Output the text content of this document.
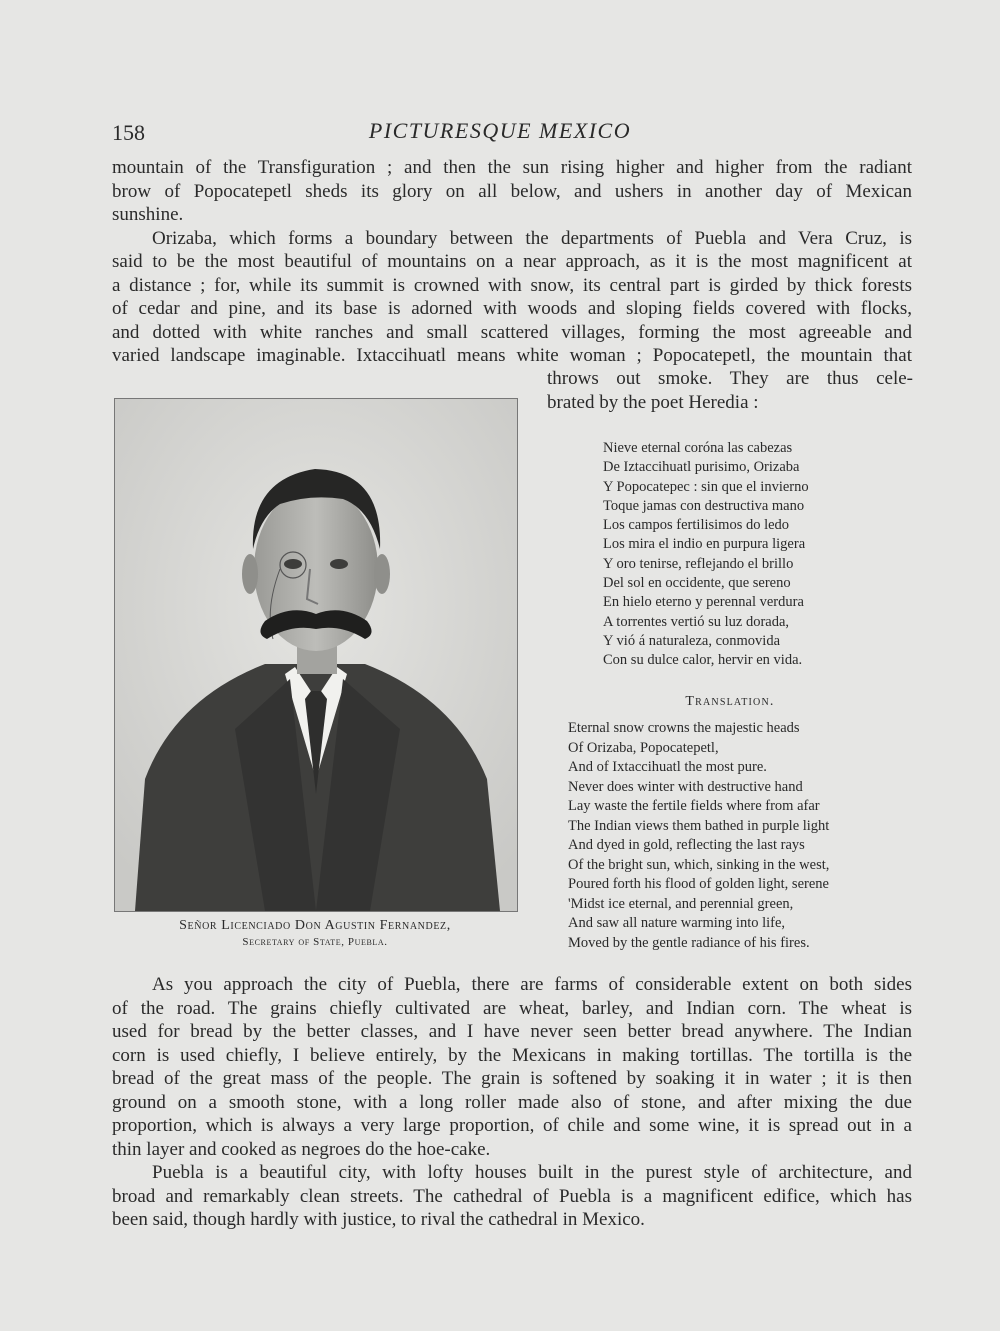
158	PICTURESQUE MEXICO
mountain of the Transfiguration ; and then the sun rising higher and higher from the radiant
brow of Popocatepetl sheds its glory on all below, and ushers in another day of Mexican
sunshine.
Orizaba, which forms a boundary between the departments of Puebla and Vera Cruz, is
said to be the most beautiful of mountains on a near approach, as it is the most magnificent at
a distance ; for, while its summit is crowned with snow, its central part is girded by thick forests
of cedar and pine, and its base is adorned with woods and sloping fields covered with flocks,
and dotted with white ranches and small scattered villages, forming the most agreeable and
varied landscape imaginable. Ixtaccihuatl means white woman ; Popocatepetl, the mountain that
throws out smoke. They are thus cele-
brated by the poet Heredia :
Señor Licenciado Don Agustin Fernandez,
Secretary of State, Puebla.
Nieve eternal coróna las cabezas
De Iztaccihuatl purisimo, Orizaba
Y Popocatepec : sin que el invierno
Toque jamas con destructiva mano
Los campos fertilisimos do ledo
Los mira el indio en purpura ligera
Y oro tenirse, reflejando el brillo
Del sol en occidente, que sereno
En hielo eterno y perennal verdura
A torrentes vertió su luz dorada,
Y vió á naturaleza, conmovida
Con su dulce calor, hervir en vida.
Translation.
Eternal snow crowns the majestic heads
Of Orizaba, Popocatepetl,
And of Ixtaccihuatl the most pure.
Never does winter with destructive hand
Lay waste the fertile fields where from afar
The Indian views them bathed in purple light
And dyed in gold, reflecting the last rays
Of the bright sun, which, sinking in the west,
Poured forth his flood of golden light, serene
'Midst ice eternal, and perennial green,
And saw all nature warming into life,
Moved by the gentle radiance of his fires.
As you approach the city of Puebla, there are farms of considerable extent on both sides
of the road. The grains chiefly cultivated are wheat, barley, and Indian corn. The wheat is
used for bread by the better classes, and I have never seen better bread anywhere. The Indian
corn is used chiefly, I believe entirely, by the Mexicans in making tortillas. The tortilla is the
bread of the great mass of the people. The grain is softened by soaking it in water ; it is then
ground on a smooth stone, with a long roller made also of stone, and after mixing the due
proportion, which is always a very large proportion, of chile and some wine, it is spread out in a
thin layer and cooked as negroes do the hoe-cake.
Puebla is a beautiful city, with lofty houses built in the purest style of architecture, and
broad and remarkably clean streets. The cathedral of Puebla is a magnificent edifice, which has
been said, though hardly with justice, to rival the cathedral in Mexico.
